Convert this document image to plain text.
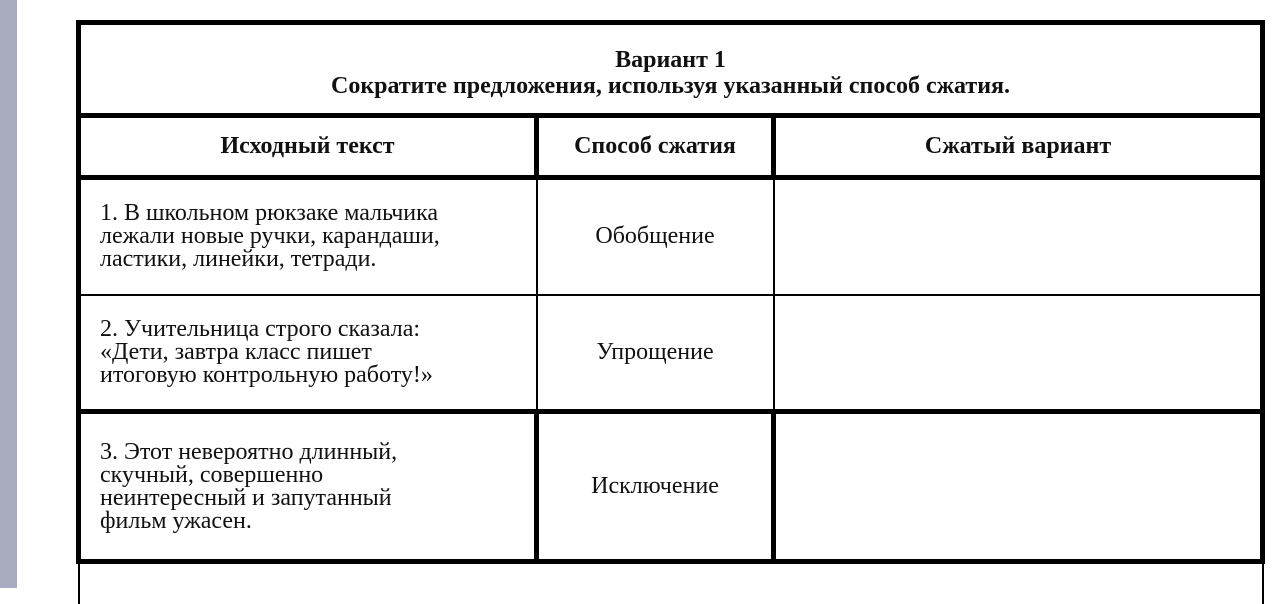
Вариант 1
Сократите предложения, используя указанный способ сжатия.		

Исходный текст	Способ сжатия	Сжатый вариант
1. В школьном рюкзаке мальчика
лежали новые ручки, карандаши,
ластики, линейки, тетради.	Обобщение	
2. Учительница строго сказала:
«Дети, завтра класс пишет
итоговую контрольную работу!»	Упрощение	
3. Этот невероятно длинный,
скучный, совершенно
неинтересный и запутанный
фильм ужасен.	Исключение	
